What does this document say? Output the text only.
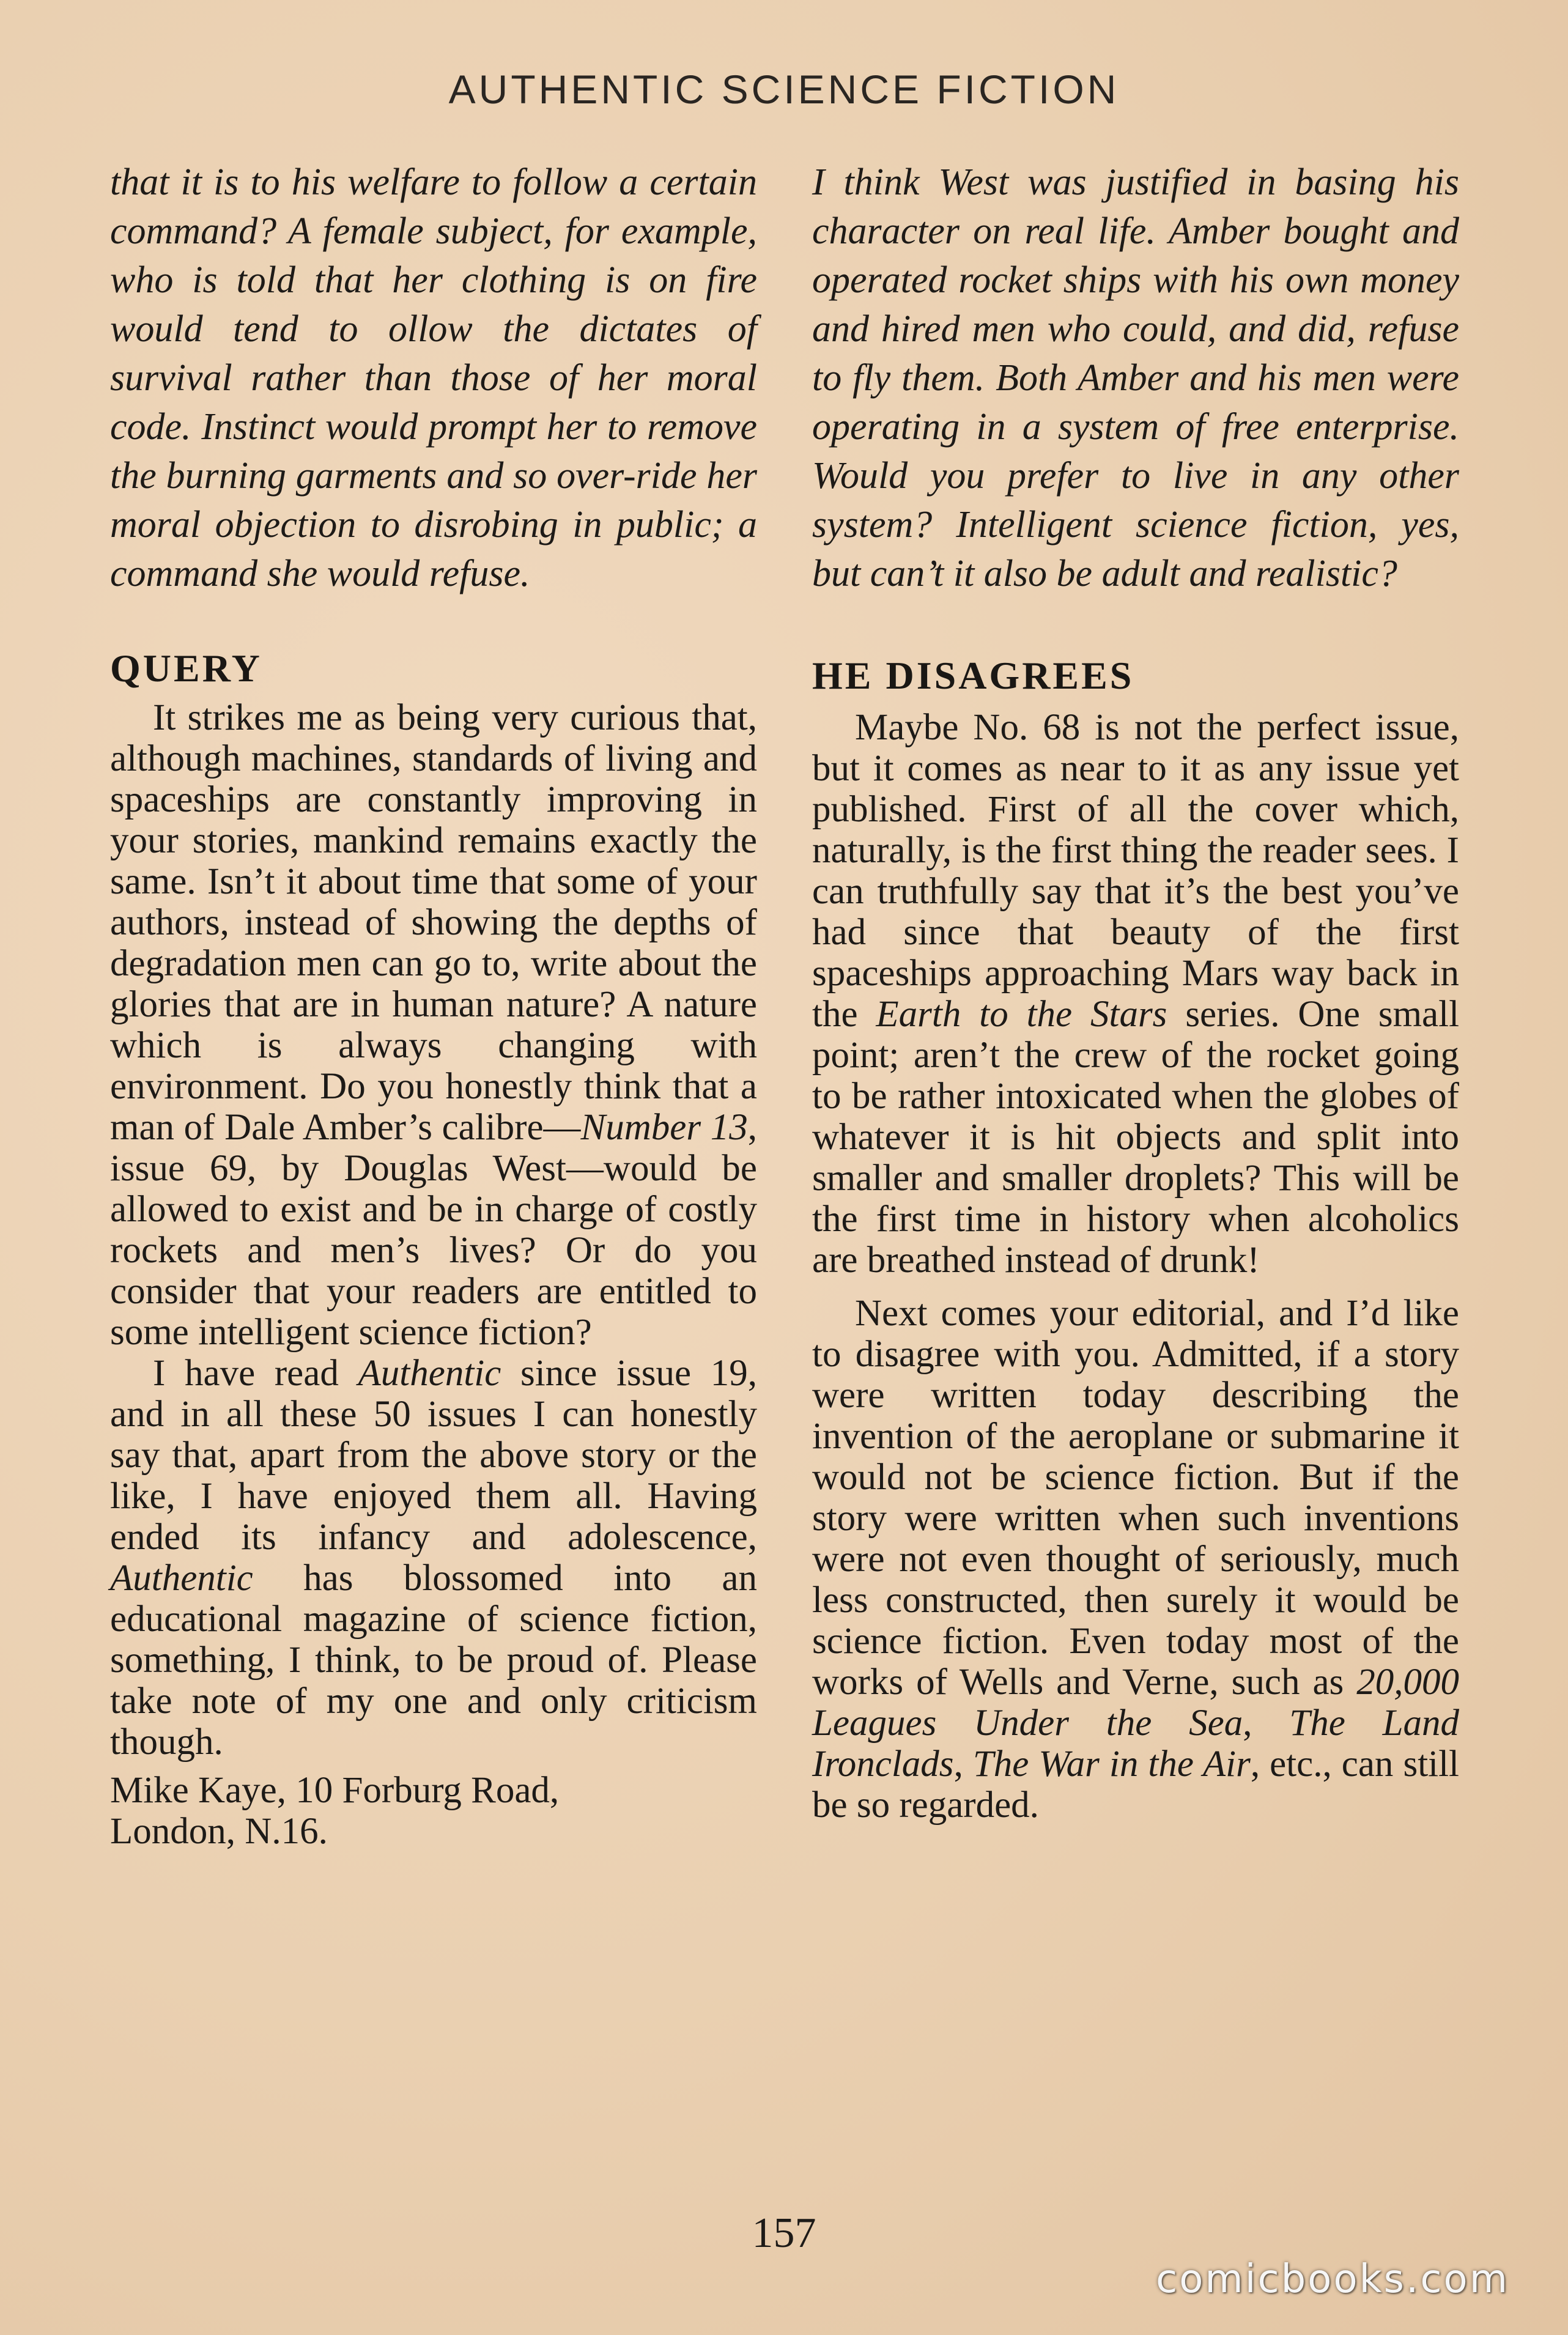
AUTHENTIC SCIENCE FICTION

that it is to his welfare to follow a certain command? A female subject, for example, who is told that her clothing is on fire would tend to ollow the dictates of survival rather than those of her moral code. Instinct would prompt her to remove the burning garments and so over-ride her moral objection to disrobing in public; a command she would refuse.

QUERY

It strikes me as being very curious that, although machines, standards of living and spaceships are constantly improving in your stories, mankind remains exactly the same. Isn’t it about time that some of your authors, instead of showing the depths of degradation men can go to, write about the glories that are in human nature? A nature which is always changing with environment. Do you honestly think that a man of Dale Amber’s calibre—Number 13, issue 69, by Douglas West—would be allowed to exist and be in charge of costly rockets and men’s lives? Or do you consider that your readers are entitled to some intelligent science fiction?

I have read Authentic since issue 19, and in all these 50 issues I can honestly say that, apart from the above story or the like, I have enjoyed them all. Having ended its infancy and adolescence, Authentic has blossomed into an educational magazine of science fiction, something, I think, to be proud of. Please take note of my one and only criticism though.

Mike Kaye, 10 Forburg Road,

London, N.16.

I think West was justified in basing his character on real life. Amber bought and operated rocket ships with his own money and hired men who could, and did, refuse to fly them. Both Amber and his men were operating in a system of free enterprise. Would you prefer to live in any other system? Intelligent science fiction, yes, but can’t it also be adult and realistic?

HE DISAGREES

Maybe No. 68 is not the perfect issue, but it comes as near to it as any issue yet published. First of all the cover which, naturally, is the first thing the reader sees. I can truthfully say that it’s the best you’ve had since that beauty of the first spaceships approaching Mars way back in the Earth to the Stars series. One small point; aren’t the crew of the rocket going to be rather intoxicated when the globes of whatever it is hit objects and split into smaller and smaller droplets? This will be the first time in history when alcoholics are breathed instead of drunk!

Next comes your editorial, and I’d like to disagree with you. Admitted, if a story were written today describing the invention of the aeroplane or submarine it would not be science fiction. But if the story were written when such inventions were not even thought of seriously, much less constructed, then surely it would be science fiction. Even today most of the works of Wells and Verne, such as 20,000 Leagues Under the Sea, The Land Ironclads, The War in the Air, etc., can still be so regarded.

157
comicbooks.com
